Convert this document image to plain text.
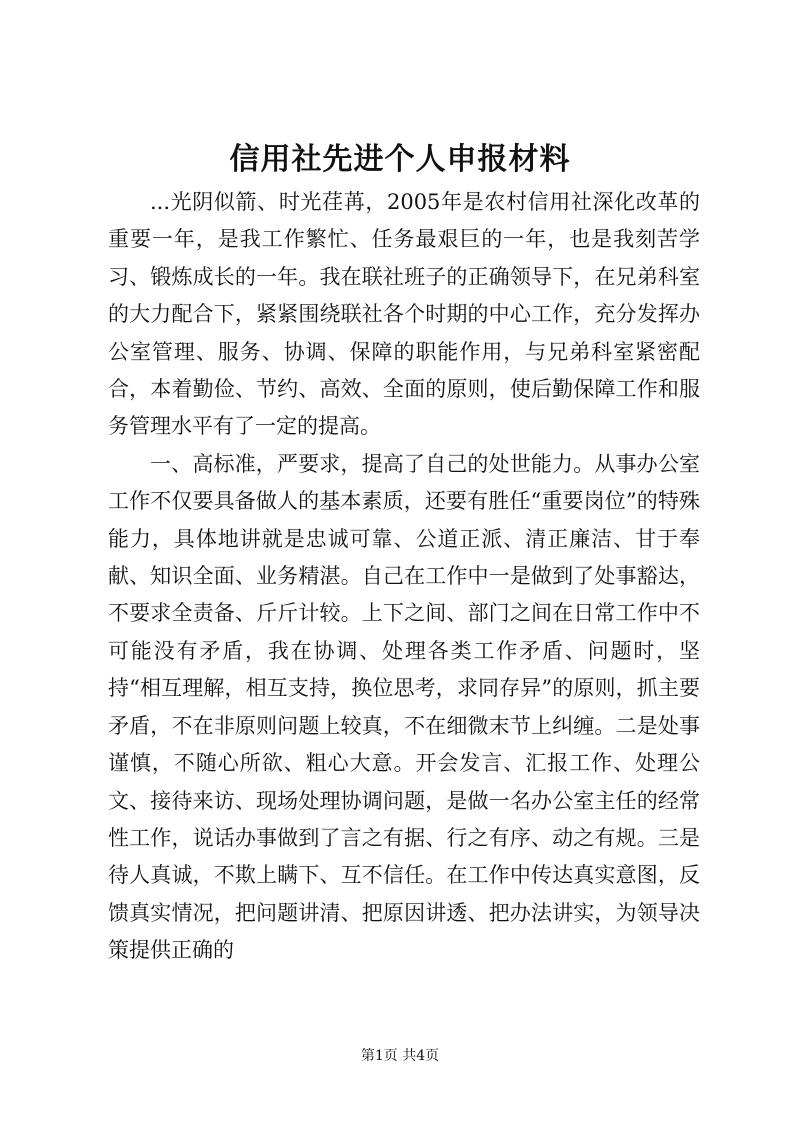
信用社先进个人申报材料

...光阴似箭、时光荏苒，2005年是农村信用社深化改革的重要一年，是我工作繁忙、任务最艰巨的一年，也是我刻苦学习、锻炼成长的一年。我在联社班子的正确领导下，在兄弟科室的大力配合下，紧紧围绕联社各个时期的中心工作，充分发挥办公室管理、服务、协调、保障的职能作用，与兄弟科室紧密配合，本着勤俭、节约、高效、全面的原则，使后勤保障工作和服务管理水平有了一定的提高。

一、高标准，严要求，提高了自己的处世能力。从事办公室工作不仅要具备做人的基本素质，还要有胜任“重要岗位”的特殊能力，具体地讲就是忠诚可靠、公道正派、清正廉洁、甘于奉献、知识全面、业务精湛。自己在工作中一是做到了处事豁达，不要求全责备、斤斤计较。上下之间、部门之间在日常工作中不可能没有矛盾，我在协调、处理各类工作矛盾、问题时，坚持“相互理解，相互支持，换位思考，求同存异”的原则，抓主要矛盾，不在非原则问题上较真，不在细微末节上纠缠。二是处事谨慎，不随心所欲、粗心大意。开会发言、汇报工作、处理公文、接待来访、现场处理协调问题，是做一名办公室主任的经常性工作，说话办事做到了言之有据、行之有序、动之有规。三是待人真诚，不欺上瞒下、互不信任。在工作中传达真实意图，反馈真实情况，把问题讲清、把原因讲透、把办法讲实，为领导决策提供正确的

第1页 共4页
